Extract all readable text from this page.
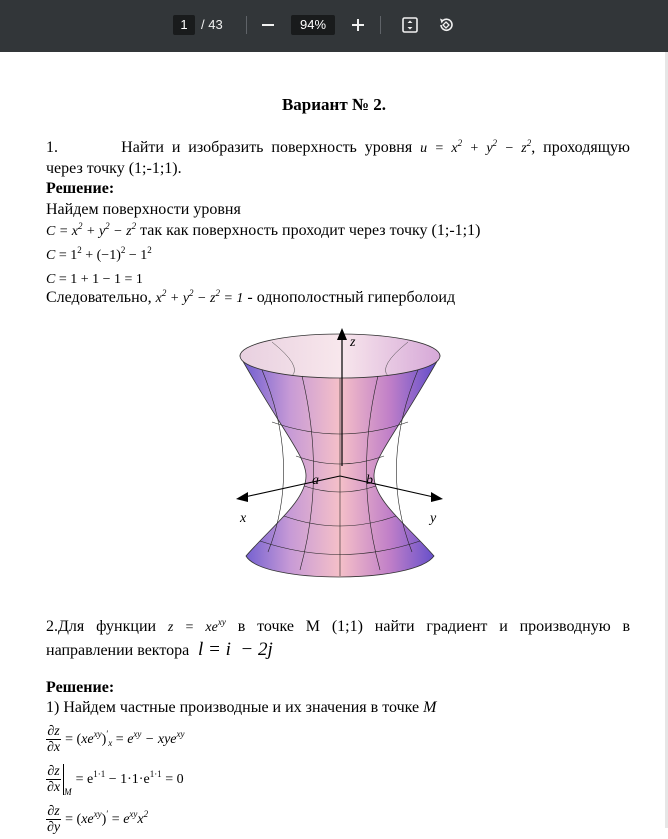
1	/ 43	94%
Вариант № 2.
1.	Найти и изобразить поверхность уровня $u = x^2 + y^2 - z^2$, проходящую
через точку (1;-1;1).
Решение:
Найдем поверхности уровня
$C = x^2 + y^2 - z^2$ так как поверхность проходит через точку (1;-1;1)
$C = 1^2 + (-1)^2 - 1^2$
C = 1 + 1 − 1 = 1
Следовательно, $x^2 + y^2 - z^2 = 1$ - однополостный гиперболоид
z
x	y
a	b
2.Для функции $z = xe^{xy}$ в точке M (1;1) найти градиент и производную в
направлении вектора  l = i  − 2j
Решение:
1) Найдем частные производные и их значения в точке M
$\frac{\partial z}{\partial x} = (xe^{xy})'_x = e^{xy} - xye^{xy}$
$\frac{\partial z}{\partial x} _M = e^{1\cdot 1} - 1\cdot 1\cdot e^{1\cdot 1} = 0$
$\frac{\partial z}{\partial y} = (xe^{xy})' = e^{xy}x^2$
